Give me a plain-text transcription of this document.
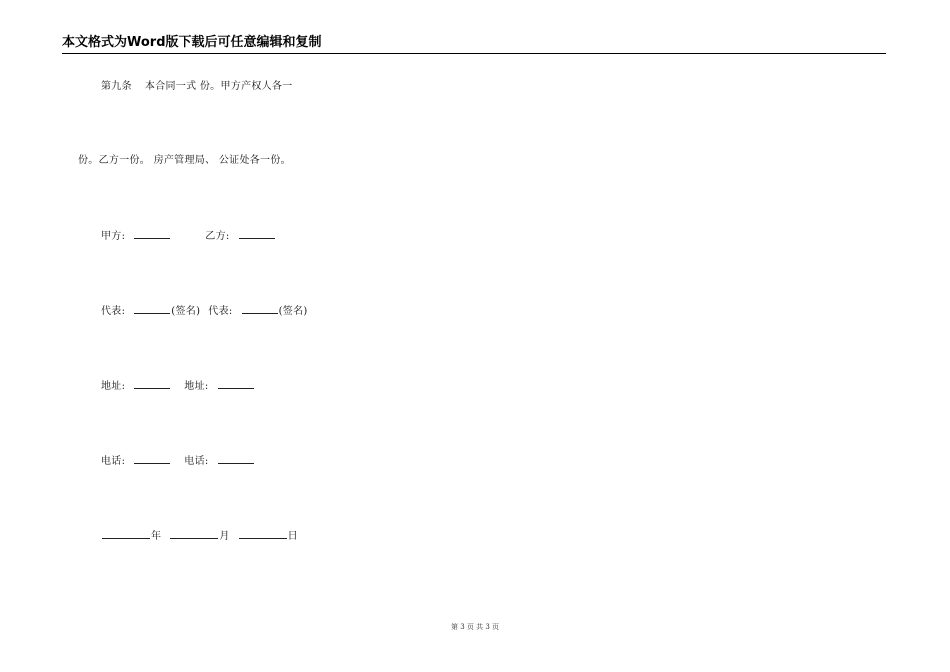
本文格式为Word版下载后可任意编辑和复制
第九条 本合同一式 份。甲方产权人各一
份。乙方一份。 房产管理局、 公证处各一份。
甲方:	乙方:
代表:	(签名) 代表:	(签名)
地址:	地址:
电话:	电话:
年	月	日
第 3 页 共 3 页
